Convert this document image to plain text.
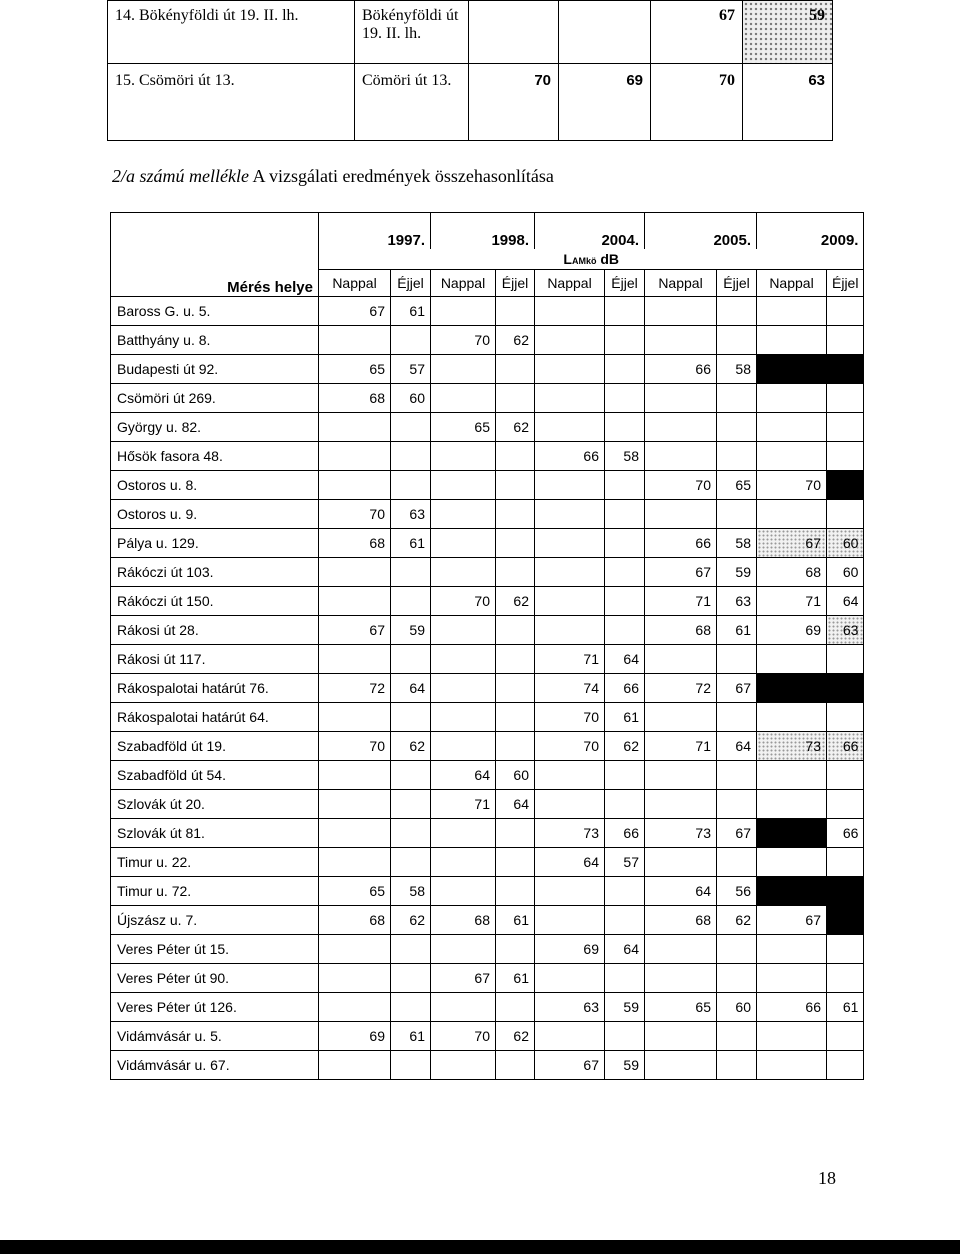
14. Bökényföldi út 19. II. lh.	Bökényföldi út 19. II. lh.			67	59
15. Csömöri út 13.	Cömöri út 13.	70	69	70	63
2/a számú mellékle A vizsgálati eredmények összehasonlítása
Mérés helye	1997.		1998.		2004.		2005.		2009.	
	LAMkö dB									
	Nappal	Éjjel	Nappal	Éjjel	Nappal	Éjjel	Nappal	Éjjel	Nappal	Éjjel
Baross G. u. 5.	67	61								
Batthyány u. 8.			70	62						
Budapesti út 92.	65	57					66	58		
Csömöri út 269.	68	60								
György u. 82.			65	62						
Hősök fasora 48.					66	58				
Ostoros u. 8.							70	65	70	
Ostoros u. 9.	70	63								
Pálya u. 129.	68	61					66	58	67	60
Rákóczi út 103.							67	59	68	60
Rákóczi út 150.			70	62			71	63	71	64
Rákosi út 28.	67	59					68	61	69	63
Rákosi út 117.					71	64				
Rákospalotai határút 76.	72	64			74	66	72	67		
Rákospalotai határút 64.					70	61				
Szabadföld út 19.	70	62			70	62	71	64	73	66
Szabadföld út 54.			64	60						
Szlovák út 20.			71	64						
Szlovák út 81.					73	66	73	67		66
Timur u. 22.					64	57				
Timur u. 72.	65	58					64	56		
Újszász u. 7.	68	62	68	61			68	62	67	
Veres Péter út 15.					69	64				
Veres Péter út 90.			67	61						
Veres Péter út 126.					63	59	65	60	66	61
Vidámvásár u. 5.	69	61	70	62						
Vidámvásár u. 67.					67	59				
18
